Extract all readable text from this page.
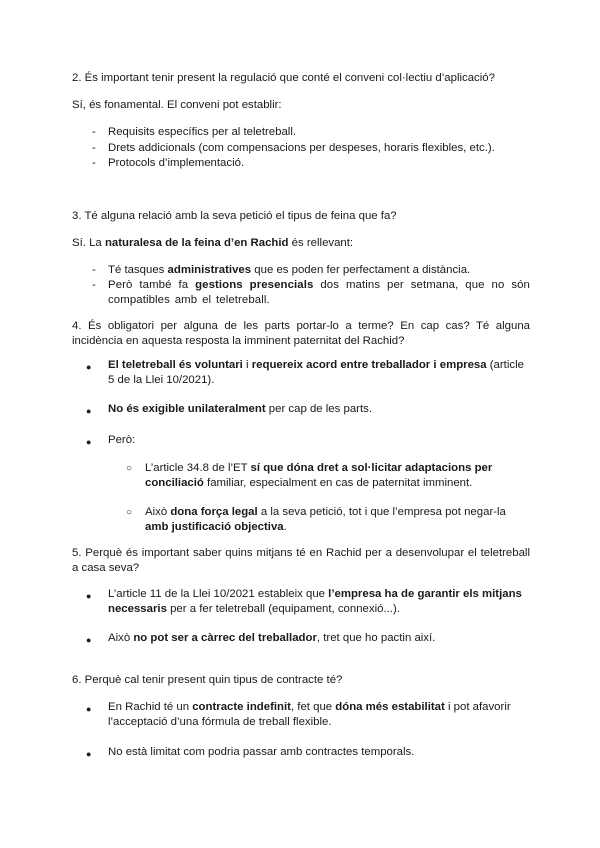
2. És important tenir present la regulació que conté el conveni col·lectiu d’aplicació?

Sí, és fonamental. El conveni pot establir:

- Requisits específics per al teletreball.

- Drets addicionals (com compensacions per despeses, horaris flexibles, etc.).

- Protocols d’implementació.

3. Té alguna relació amb la seva petició el tipus de feina que fa?

Sí. La naturalesa de la feina d’en Rachid és rellevant:

- Té tasques administratives que es poden fer perfectament a distància.

- Però també fa gestions presencials dos matins per setmana, que no són compatibles amb el teletreball.

4. És obligatori per alguna de les parts portar-lo a terme? En cap cas? Té alguna incidència en aquesta resposta la imminent paternitat del Rachid?

● El teletreball és voluntari i requereix acord entre treballador i empresa (article 5 de la Llei 10/2021).

● No és exigible unilateralment per cap de les parts.

● Però:

○ L’article 34.8 de l’ET sí que dóna dret a sol·licitar adaptacions per conciliació familiar, especialment en cas de paternitat imminent.

○ Això dona força legal a la seva petició, tot i que l’empresa pot negar-la amb justificació objectiva.

5. Perquè és important saber quins mitjans té en Rachid per a desenvolupar el teletreball a casa seva?

● L’article 11 de la Llei 10/2021 estableix que l’empresa ha de garantir els mitjans necessaris per a fer teletreball (equipament, connexió...).

● Això no pot ser a càrrec del treballador, tret que ho pactin així.

6. Perquè cal tenir present quin tipus de contracte té?

● En Rachid té un contracte indefinit, fet que dóna més estabilitat i pot afavorir l’acceptació d’una fórmula de treball flexible.

● No està limitat com podria passar amb contractes temporals.
